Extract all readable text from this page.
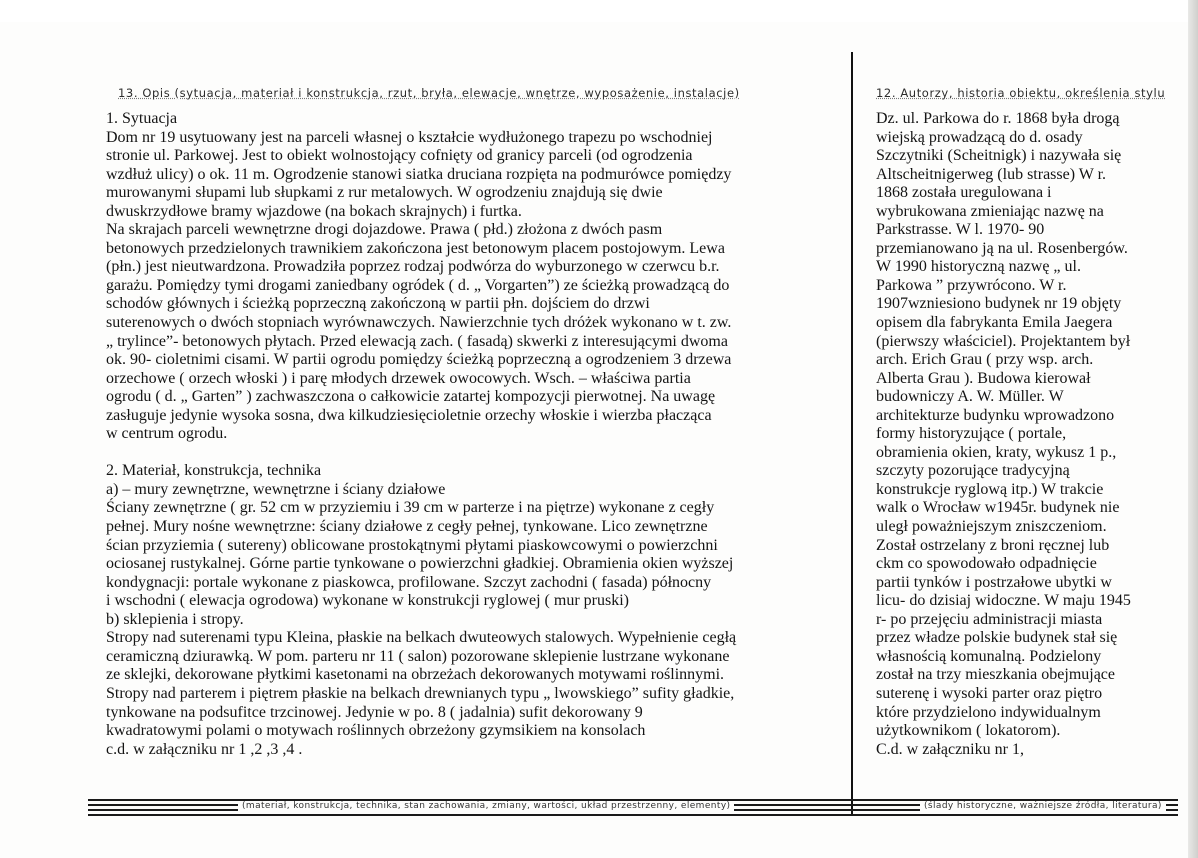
13. Opis (sytuacja, materiał i konstrukcja, rzut, bryła, elewacje, wnętrze, wyposażenie, instalacje)
1. Sytuacja
Dom nr 19 usytuowany jest na parceli własnej o kształcie wydłużonego trapezu po wschodniej
stronie ul. Parkowej. Jest to obiekt wolnostojący cofnięty od granicy parceli (od ogrodzenia
wzdłuż ulicy) o ok. 11 m. Ogrodzenie stanowi siatka druciana rozpięta na podmurówce pomiędzy
murowanymi słupami lub słupkami z rur metalowych. W ogrodzeniu znajdują się dwie
dwuskrzydłowe bramy wjazdowe (na bokach skrajnych) i furtka.
Na skrajach parceli wewnętrzne drogi dojazdowe. Prawa ( płd.) złożona z dwóch pasm
betonowych przedzielonych trawnikiem zakończona jest betonowym placem postojowym. Lewa
(płn.) jest nieutwardzona. Prowadziła poprzez rodzaj podwórza do wyburzonego w czerwcu b.r.
garażu. Pomiędzy tymi drogami zaniedbany ogródek ( d. „ Vorgarten”) ze ścieżką prowadzącą do
schodów głównych i ścieżką poprzeczną zakończoną w partii płn. dojściem do drzwi
suterenowych o dwóch stopniach wyrównawczych. Nawierzchnie tych dróżek wykonano w t. zw.
„ trylince”- betonowych płytach. Przed elewacją zach. ( fasadą) skwerki z interesującymi dwoma
ok. 90- cioletnimi cisami. W partii ogrodu pomiędzy ścieżką poprzeczną a ogrodzeniem 3 drzewa
orzechowe ( orzech włoski ) i parę młodych drzewek owocowych. Wsch. – właściwa partia
ogrodu ( d. „ Garten” ) zachwaszczona o całkowicie zatartej kompozycji pierwotnej. Na uwagę
zasługuje jedynie wysoka sosna, dwa kilkudziesięcioletnie orzechy włoskie i wierzba płacząca
w centrum ogrodu.
2. Materiał, konstrukcja, technika
a) – mury zewnętrzne, wewnętrzne i ściany działowe
Ściany zewnętrzne ( gr. 52 cm w przyziemiu i 39 cm w parterze i na piętrze) wykonane z cegły
pełnej. Mury nośne wewnętrzne: ściany działowe z cegły pełnej, tynkowane. Lico zewnętrzne
ścian przyziemia ( sutereny) oblicowane prostokątnymi płytami piaskowcowymi o powierzchni
ociosanej rustykalnej. Górne partie tynkowane o powierzchni gładkiej. Obramienia okien wyższej
kondygnacji: portale wykonane z piaskowca, profilowane. Szczyt zachodni ( fasada) północny
i wschodni ( elewacja ogrodowa) wykonane w konstrukcji ryglowej ( mur pruski)
b) sklepienia i stropy.
Stropy nad suterenami typu Kleina, płaskie na belkach dwuteowych stalowych. Wypełnienie cegłą
ceramiczną dziurawką. W pom. parteru nr 11 ( salon) pozorowane sklepienie lustrzane wykonane
ze sklejki, dekorowane płytkimi kasetonami na obrzeżach dekorowanych motywami roślinnymi.
Stropy nad parterem i piętrem płaskie na belkach drewnianych typu „ lwowskiego” sufity gładkie,
tynkowane na podsufitce trzcinowej. Jedynie w po. 8 ( jadalnia) sufit dekorowany 9
kwadratowymi polami o motywach roślinnych obrzeżony gzymsikiem na konsolach
c.d. w załączniku nr 1 ,2 ,3 ,4 .
12. Autorzy, historia obiektu, określenia stylu
Dz. ul. Parkowa do r. 1868 była drogą
wiejską prowadzącą do d. osady
Szczytniki (Scheitnigk) i nazywała się
Altscheitnigerweg (lub strasse) W r.
1868 została uregulowana i
wybrukowana zmieniając nazwę na
Parkstrasse. W l. 1970- 90
przemianowano ją na ul. Rosenbergów.
W 1990 historyczną nazwę „ ul.
Parkowa ” przywrócono. W r.
1907wzniesiono budynek nr 19 objęty
opisem dla fabrykanta Emila Jaegera
(pierwszy właściciel). Projektantem był
arch. Erich Grau ( przy wsp. arch.
Alberta Grau ). Budowa kierował
budowniczy A. W. Müller. W
architekturze budynku wprowadzono
formy historyzujące ( portale,
obramienia okien, kraty, wykusz 1 p.,
szczyty pozorujące tradycyjną
konstrukcje ryglową itp.) W trakcie
walk o Wrocław w1945r. budynek nie
uległ poważniejszym zniszczeniom.
Został ostrzelany z broni ręcznej lub
ckm co spowodowało odpadnięcie
partii tynków i postrzałowe ubytki w
licu- do dzisiaj widoczne. W maju 1945
r- po przejęciu administracji miasta
przez władze polskie budynek stał się
własnością komunalną. Podzielony
został na trzy mieszkania obejmujące
suterenę i wysoki parter oraz piętro
które przydzielono indywidualnym
użytkownikom ( lokatorom).
C.d. w załączniku nr 1,
(materiał, konstrukcja, technika, stan zachowania, zmiany, wartości, układ przestrzenny, elementy)	(ślady historyczne, ważniejsze źródła, literatura)
